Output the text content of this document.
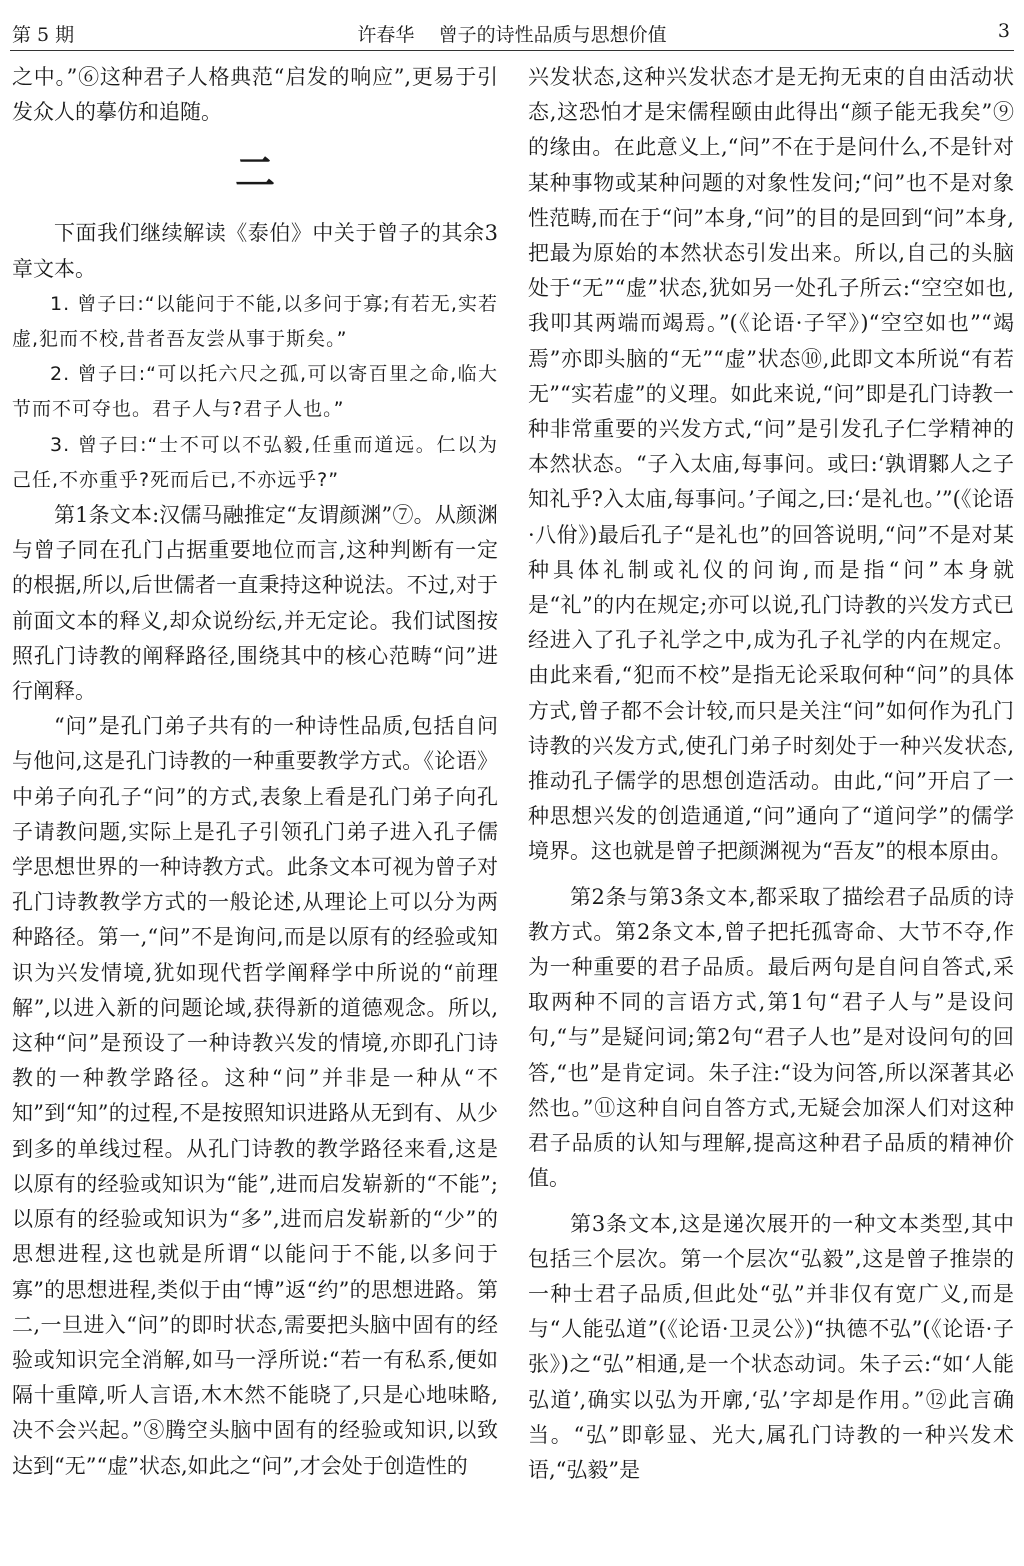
第 5 期	许春华    曾子的诗性品质与思想价值	3

之中。”⑥这种君子人格典范“启发的响应”,更易于引发众人的摹仿和追随。

二

下面我们继续解读《泰伯》中关于曾子的其余3章文本。

1. 曾子曰:“以能问于不能,以多问于寡;有若无,实若虚,犯而不校,昔者吾友尝从事于斯矣。”

2. 曾子曰:“可以托六尺之孤,可以寄百里之命,临大节而不可夺也。君子人与?君子人也。”

3. 曾子曰:“士不可以不弘毅,任重而道远。仁以为己任,不亦重乎?死而后已,不亦远乎?”

第1条文本:汉儒马融推定“友谓颜渊”⑦。从颜渊与曾子同在孔门占据重要地位而言,这种判断有一定的根据,所以,后世儒者一直秉持这种说法。不过,对于前面文本的释义,却众说纷纭,并无定论。我们试图按照孔门诗教的阐释路径,围绕其中的核心范畴“问”进行阐释。

“问”是孔门弟子共有的一种诗性品质,包括自问与他问,这是孔门诗教的一种重要教学方式。《论语》中弟子向孔子“问”的方式,表象上看是孔门弟子向孔子请教问题,实际上是孔子引领孔门弟子进入孔子儒学思想世界的一种诗教方式。此条文本可视为曾子对孔门诗教教学方式的一般论述,从理论上可以分为两种路径。第一,“问”不是询问,而是以原有的经验或知识为兴发情境,犹如现代哲学阐释学中所说的“前理解”,以进入新的问题论域,获得新的道德观念。所以,这种“问”是预设了一种诗教兴发的情境,亦即孔门诗教的一种教学路径。这种“问”并非是一种从“不知”到“知”的过程,不是按照知识进路从无到有、从少到多的单线过程。从孔门诗教的教学路径来看,这是以原有的经验或知识为“能”,进而启发崭新的“不能”;以原有的经验或知识为“多”,进而启发崭新的“少”的思想进程,这也就是所谓“以能问于不能,以多问于寡”的思想进程,类似于由“博”返“约”的思想进路。第二,一旦进入“问”的即时状态,需要把头脑中固有的经验或知识完全消解,如马一浮所说:“若一有私系,便如隔十重障,听人言语,木木然不能晓了,只是心地味略,决不会兴起。”⑧腾空头脑中固有的经验或知识,以致达到“无”“虚”状态,如此之“问”,才会处于创造性的

兴发状态,这种兴发状态才是无拘无束的自由活动状态,这恐怕才是宋儒程颐由此得出“颜子能无我矣”⑨的缘由。在此意义上,“问”不在于是问什么,不是针对某种事物或某种问题的对象性发问;“问”也不是对象性范畴,而在于“问”本身,“问”的目的是回到“问”本身,把最为原始的本然状态引发出来。所以,自己的头脑处于“无”“虚”状态,犹如另一处孔子所云:“空空如也,我叩其两端而竭焉。”(《论语·子罕》)“空空如也”“竭焉”亦即头脑的“无”“虚”状态⑩,此即文本所说“有若无”“实若虚”的义理。如此来说,“问”即是孔门诗教一种非常重要的兴发方式,“问”是引发孔子仁学精神的本然状态。“子入太庙,每事问。或曰:‘孰谓鄹人之子知礼乎?入太庙,每事问。’子闻之,曰:‘是礼也。’”(《论语·八佾》)最后孔子“是礼也”的回答说明,“问”不是对某种具体礼制或礼仪的问询,而是指“问”本身就是“礼”的内在规定;亦可以说,孔门诗教的兴发方式已经进入了孔子礼学之中,成为孔子礼学的内在规定。由此来看,“犯而不校”是指无论采取何种“问”的具体方式,曾子都不会计较,而只是关注“问”如何作为孔门诗教的兴发方式,使孔门弟子时刻处于一种兴发状态,推动孔子儒学的思想创造活动。由此,“问”开启了一种思想兴发的创造通道,“问”通向了“道问学”的儒学境界。这也就是曾子把颜渊视为“吾友”的根本原由。

第2条与第3条文本,都采取了描绘君子品质的诗教方式。第2条文本,曾子把托孤寄命、大节不夺,作为一种重要的君子品质。最后两句是自问自答式,采取两种不同的言语方式,第1句“君子人与”是设问句,“与”是疑问词;第2句“君子人也”是对设问句的回答,“也”是肯定词。朱子注:“设为问答,所以深著其必然也。”⑪这种自问自答方式,无疑会加深人们对这种君子品质的认知与理解,提高这种君子品质的精神价值。

第3条文本,这是递次展开的一种文本类型,其中包括三个层次。第一个层次“弘毅”,这是曾子推崇的一种士君子品质,但此处“弘”并非仅有宽广义,而是与“人能弘道”(《论语·卫灵公》)“执德不弘”(《论语·子张》)之“弘”相通,是一个状态动词。朱子云:“如‘人能弘道’,确实以弘为开廓,‘弘’字却是作用。”⑫此言确当。“弘”即彰显、光大,属孔门诗教的一种兴发术语,“弘毅”是
